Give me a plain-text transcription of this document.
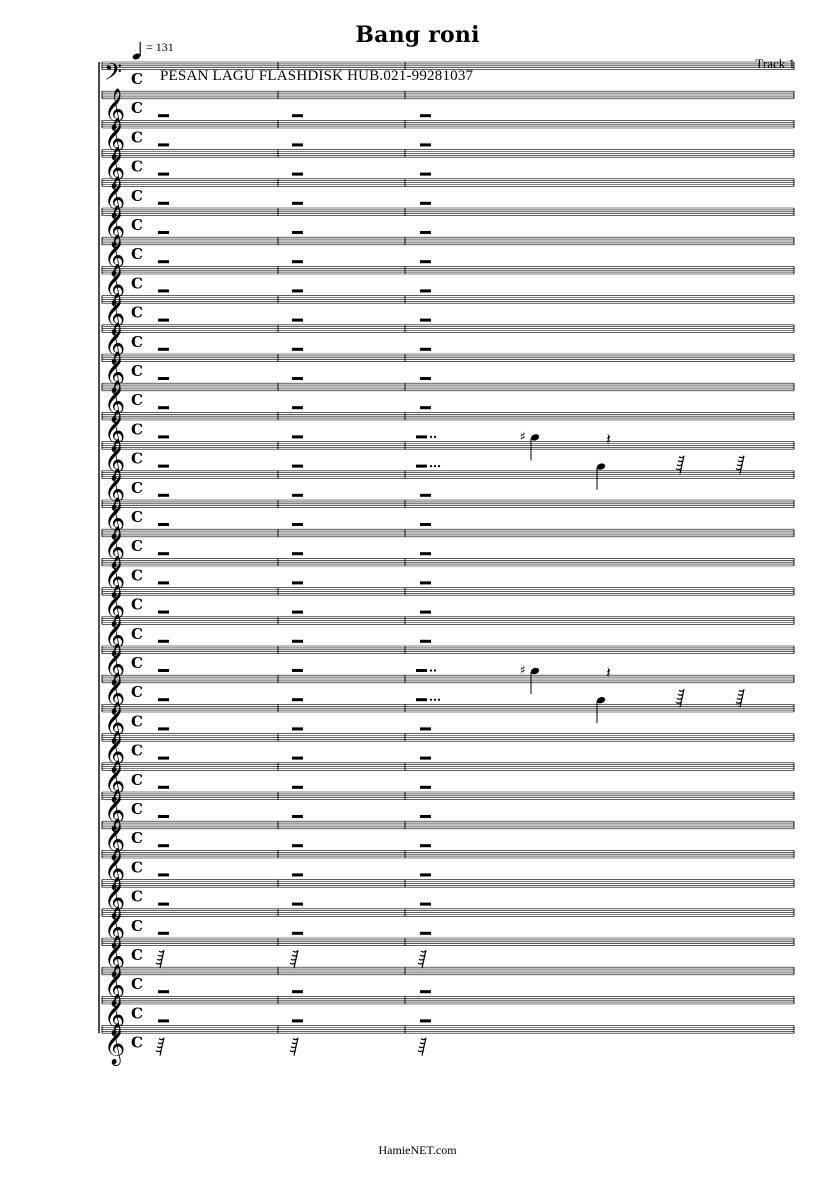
Bang roni
Track 1
= 131
PESAN LAGU FLASHDISK HUB.021-99281037
𝄢 C
𝄞 C
𝄞 C
𝄞 C
𝄞 C
𝄞 C
𝄞 C
𝄞 C
𝄞 C
𝄞 C
𝄞 C
𝄞 C
𝄞 C	♯	𝄽
𝄞 C
𝄞 C
𝄞 C
𝄞 C
𝄞 C
𝄞 C
𝄞 C
𝄞 C	♯	𝄽
𝄞 C
𝄞 C
𝄞 C
𝄞 C
𝄞 C
𝄞 C
𝄞 C
𝄞 C
𝄞 C
𝄞 C
𝄞 C
𝄞 C
𝄞 C
HamieNET.com
